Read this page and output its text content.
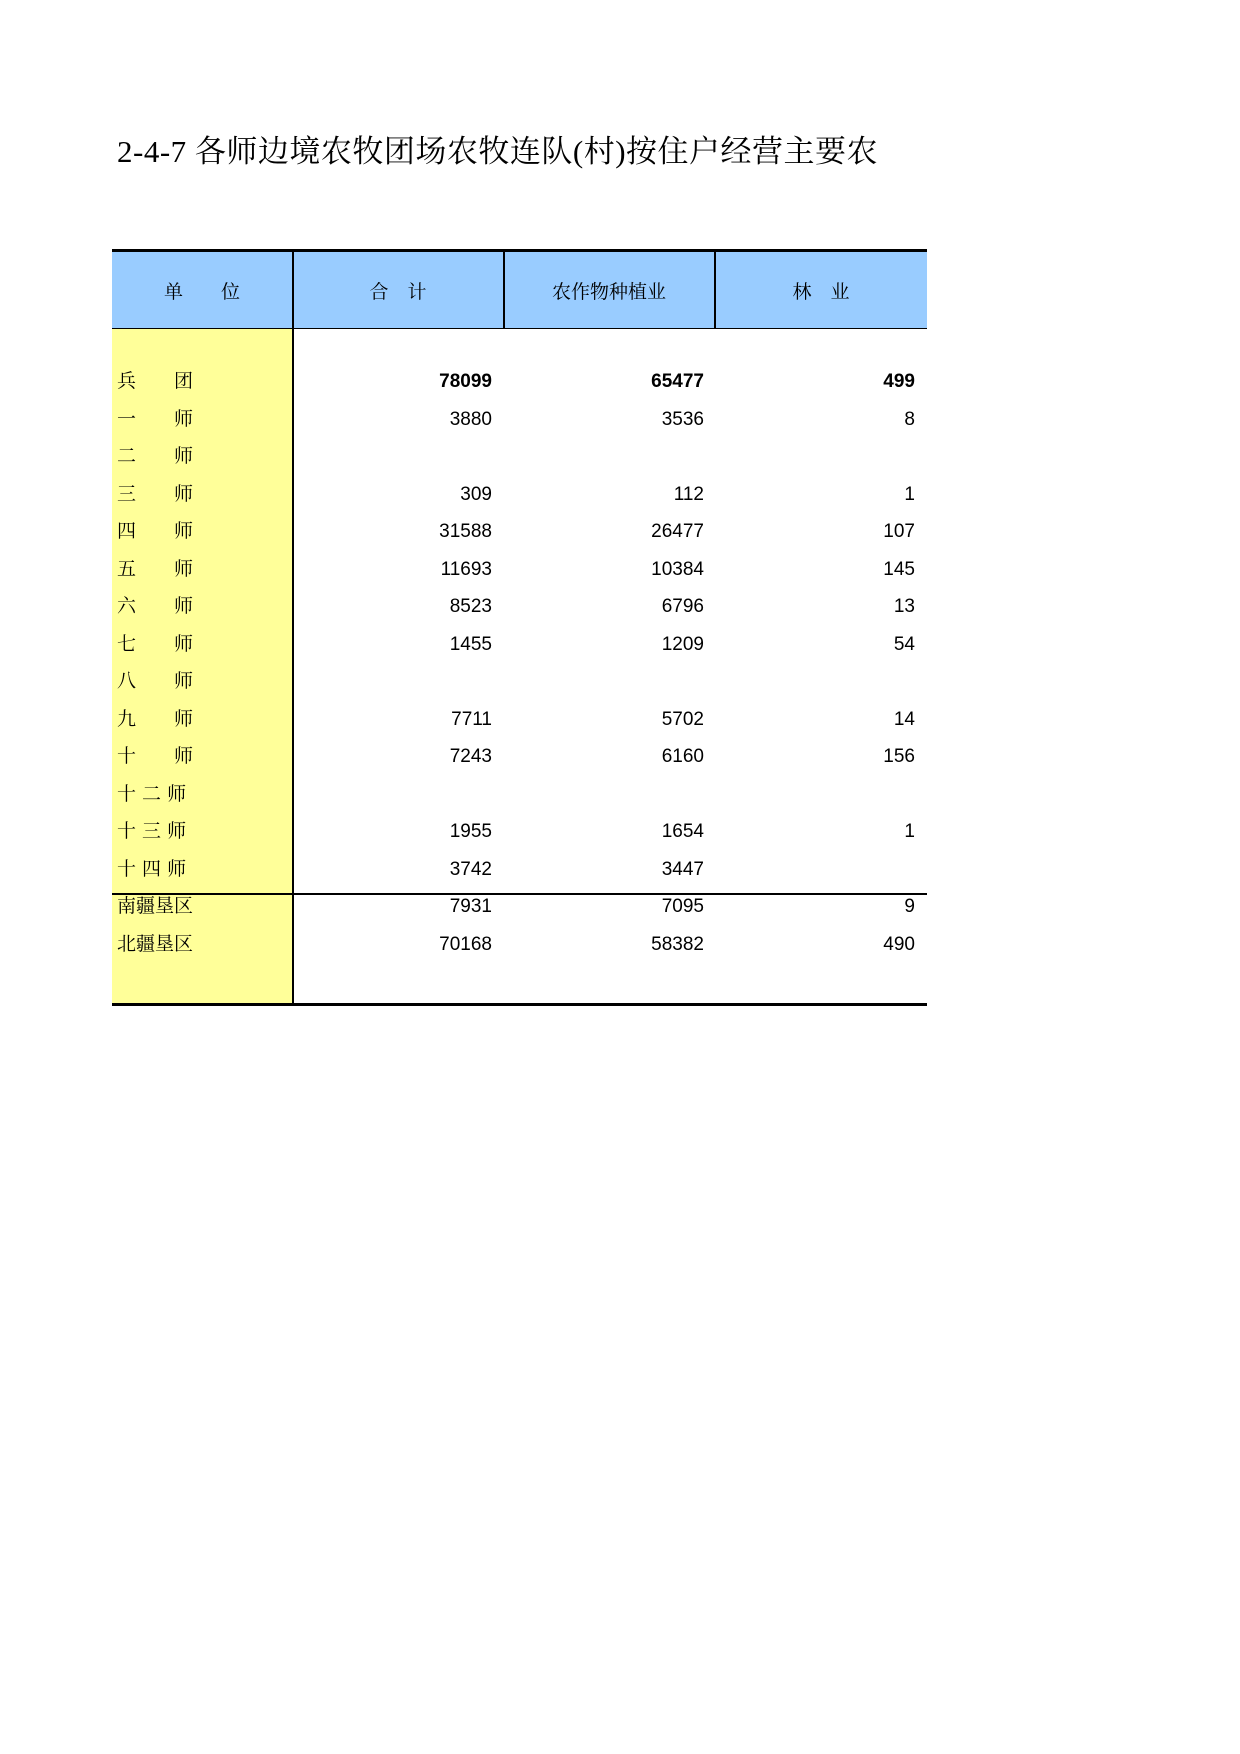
2-4-7 各师边境农牧团场农牧连队(村)按住户经营主要农
单　　位	合　计	农作物种植业	林　业
兵　　团	78099	65477	499
一　　师	3880	3536	8
二　　师
三　　师	309	112	1
四　　师	31588	26477	107
五　　师	11693	10384	145
六　　师	8523	6796	13
七　　师	1455	1209	54
八　　师
九　　师	7711	5702	14
十　　师	7243	6160	156
十 二 师
十 三 师	1955	1654	1
十 四 师	3742	3447
南疆垦区	7931	7095	9
北疆垦区	70168	58382	490
